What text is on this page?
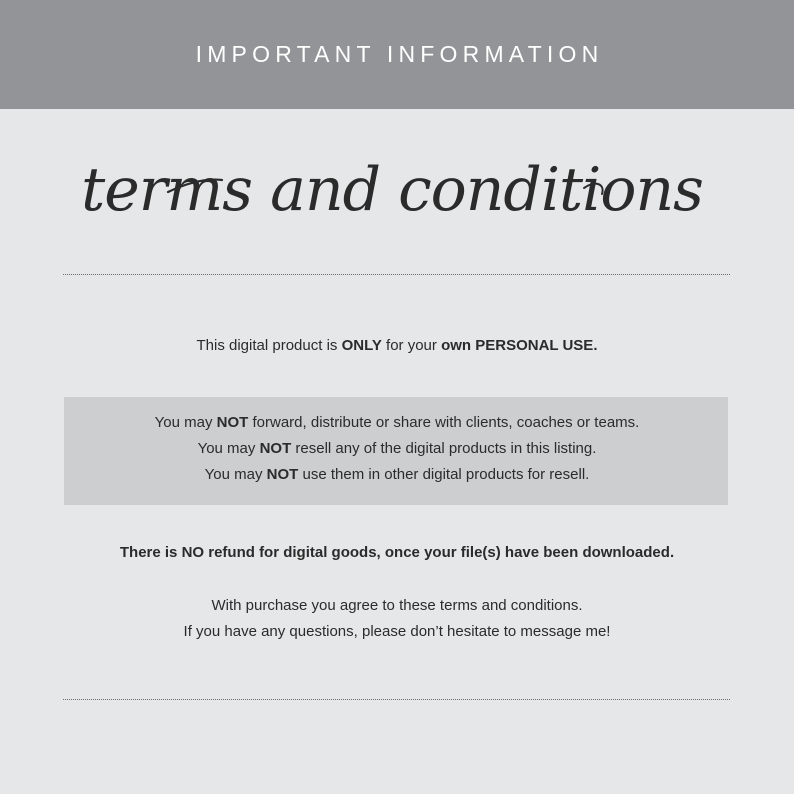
IMPORTANT INFORMATION
terms and conditions
This digital product is ONLY for your own PERSONAL USE.
You may NOT forward, distribute or share with clients, coaches or teams.
You may NOT resell any of the digital products in this listing.
You may NOT use them in other digital products for resell.
There is NO refund for digital goods, once your file(s) have been downloaded.
With purchase you agree to these terms and conditions.
If you have any questions, please don’t hesitate to message me!
